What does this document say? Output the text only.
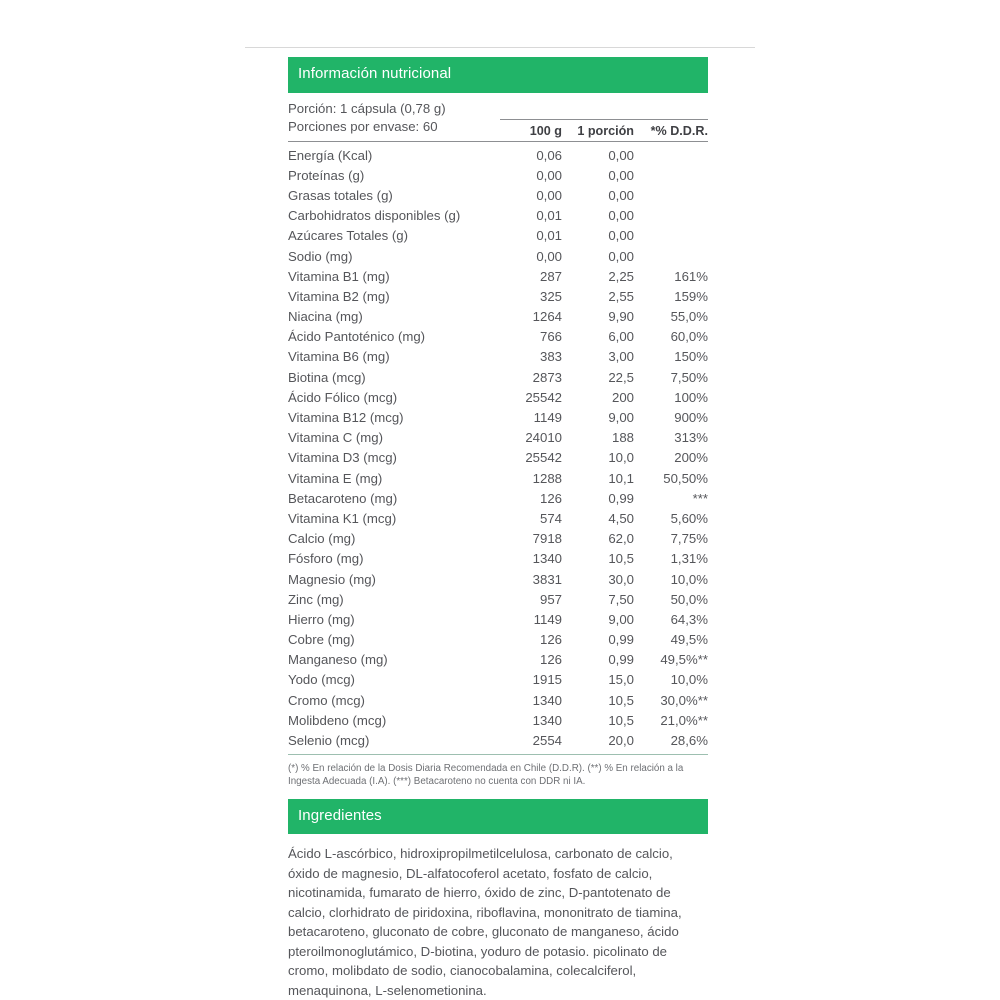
Información nutricional
Porción: 1 cápsula (0,78 g)
Porciones por envase: 60	100 g	1 porción	*% D.D.R.
Energía (Kcal)	0,06	0,00	
Proteínas (g)	0,00	0,00	
Grasas totales (g)	0,00	0,00	
Carbohidratos disponibles (g)	0,01	0,00	
Azúcares Totales (g)	0,01	0,00	
Sodio (mg)	0,00	0,00	
Vitamina B1 (mg)	287	2,25	161%
Vitamina B2 (mg)	325	2,55	159%
Niacina (mg)	1264	9,90	55,0%
Ácido Pantoténico (mg)	766	6,00	60,0%
Vitamina B6 (mg)	383	3,00	150%
Biotina (mcg)	2873	22,5	7,50%
Ácido Fólico (mcg)	25542	200	100%
Vitamina B12 (mcg)	1149	9,00	900%
Vitamina C (mg)	24010	188	313%
Vitamina D3 (mcg)	25542	10,0	200%
Vitamina E (mg)	1288	10,1	50,50%
Betacaroteno (mg)	126	0,99	***
Vitamina K1 (mcg)	574	4,50	5,60%
Calcio (mg)	7918	62,0	7,75%
Fósforo (mg)	1340	10,5	1,31%
Magnesio (mg)	3831	30,0	10,0%
Zinc (mg)	957	7,50	50,0%
Hierro (mg)	1149	9,00	64,3%
Cobre (mg)	126	0,99	49,5%
Manganeso (mg)	126	0,99	49,5%**
Yodo (mcg)	1915	15,0	10,0%
Cromo (mcg)	1340	10,5	30,0%**
Molibdeno (mcg)	1340	10,5	21,0%**
Selenio (mcg)	2554	20,0	28,6%
(*) % En relación de la Dosis Diaria Recomendada en Chile (D.D.R). (**) % En relación a la Ingesta Adecuada (I.A). (***) Betacaroteno no cuenta con DDR ni IA.
Ingredientes
Ácido L-ascórbico, hidroxipropilmetilcelulosa, carbonato de calcio, óxido de magnesio, DL-alfatocoferol acetato, fosfato de calcio, nicotinamida, fumarato de hierro, óxido de zinc, D-pantotenato de calcio, clorhidrato de piridoxina, riboflavina, mononitrato de tiamina, betacaroteno, gluconato de cobre, gluconato de manganeso, ácido pteroilmonoglutámico, D-biotina, yoduro de potasio. picolinato de cromo, molibdato de sodio, cianocobalamina, colecalciferol, menaquinona, L-selenometionina.
